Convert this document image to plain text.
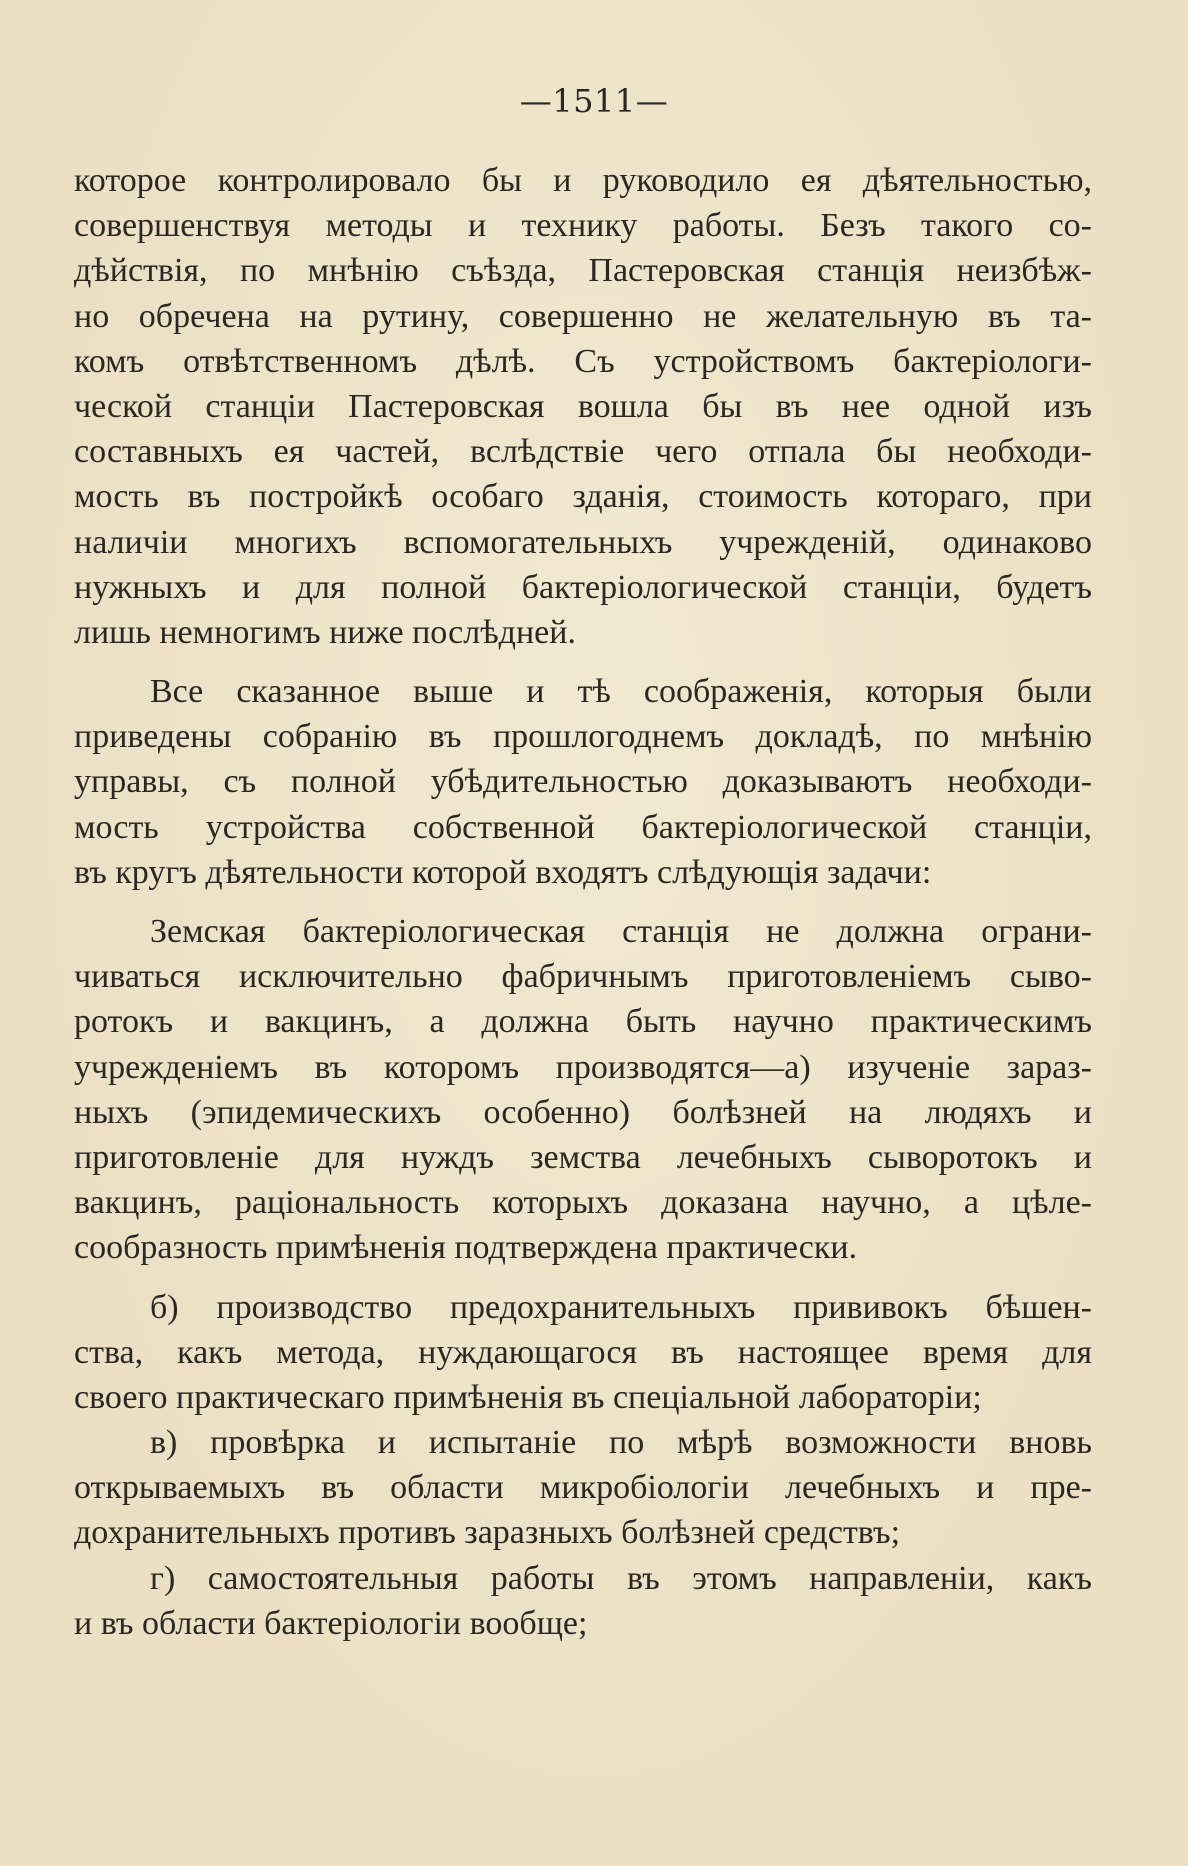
—1511—
которое контролировало бы и руководило ея дѣятельностью,
совершенствуя методы и технику работы. Безъ такого со-
дѣйствія, по мнѣнію съѣзда, Пастеровская станція неизбѣж-
но обречена на рутину, совершенно не желательную въ та-
комъ отвѣтственномъ дѣлѣ. Съ устройствомъ бактеріологи-
ческой станціи Пастеровская вошла бы въ нее одной изъ
составныхъ ея частей, вслѣдствіе чего отпала бы необходи-
мость въ постройкѣ особаго зданія, стоимость котораго, при
наличіи многихъ вспомогательныхъ учрежденій, одинаково
нужныхъ и для полной бактеріологической станціи, будетъ
лишь немногимъ ниже послѣдней.
Все сказанное выше и тѣ соображенія, которыя были
приведены собранію въ прошлогоднемъ докладѣ, по мнѣнію
управы, съ полной убѣдительностью доказываютъ необходи-
мость устройства собственной бактеріологической станціи,
въ кругъ дѣятельности которой входятъ слѣдующія задачи:
Земская бактеріологическая станція не должна ограни-
чиваться исключительно фабричнымъ приготовленіемъ сыво-
ротокъ и вакцинъ, а должна быть научно практическимъ
учрежденіемъ въ которомъ производятся—а) изученіе зараз-
ныхъ (эпидемическихъ особенно) болѣзней на людяхъ и
приготовленіе для нуждъ земства лечебныхъ сыворотокъ и
вакцинъ, раціональность которыхъ доказана научно, а цѣле-
сообразность примѣненія подтверждена практически.
б) производство предохранительныхъ прививокъ бѣшен-
ства, какъ метода, нуждающагося въ настоящее время для
своего практическаго примѣненія въ спеціальной лабораторіи;
в) провѣрка и испытаніе по мѣрѣ возможности вновь
открываемыхъ въ области микробіологіи лечебныхъ и пре-
дохранительныхъ противъ заразныхъ болѣзней средствъ;
г) самостоятельныя работы въ этомъ направленіи, какъ
и въ области бактеріологіи вообще;
